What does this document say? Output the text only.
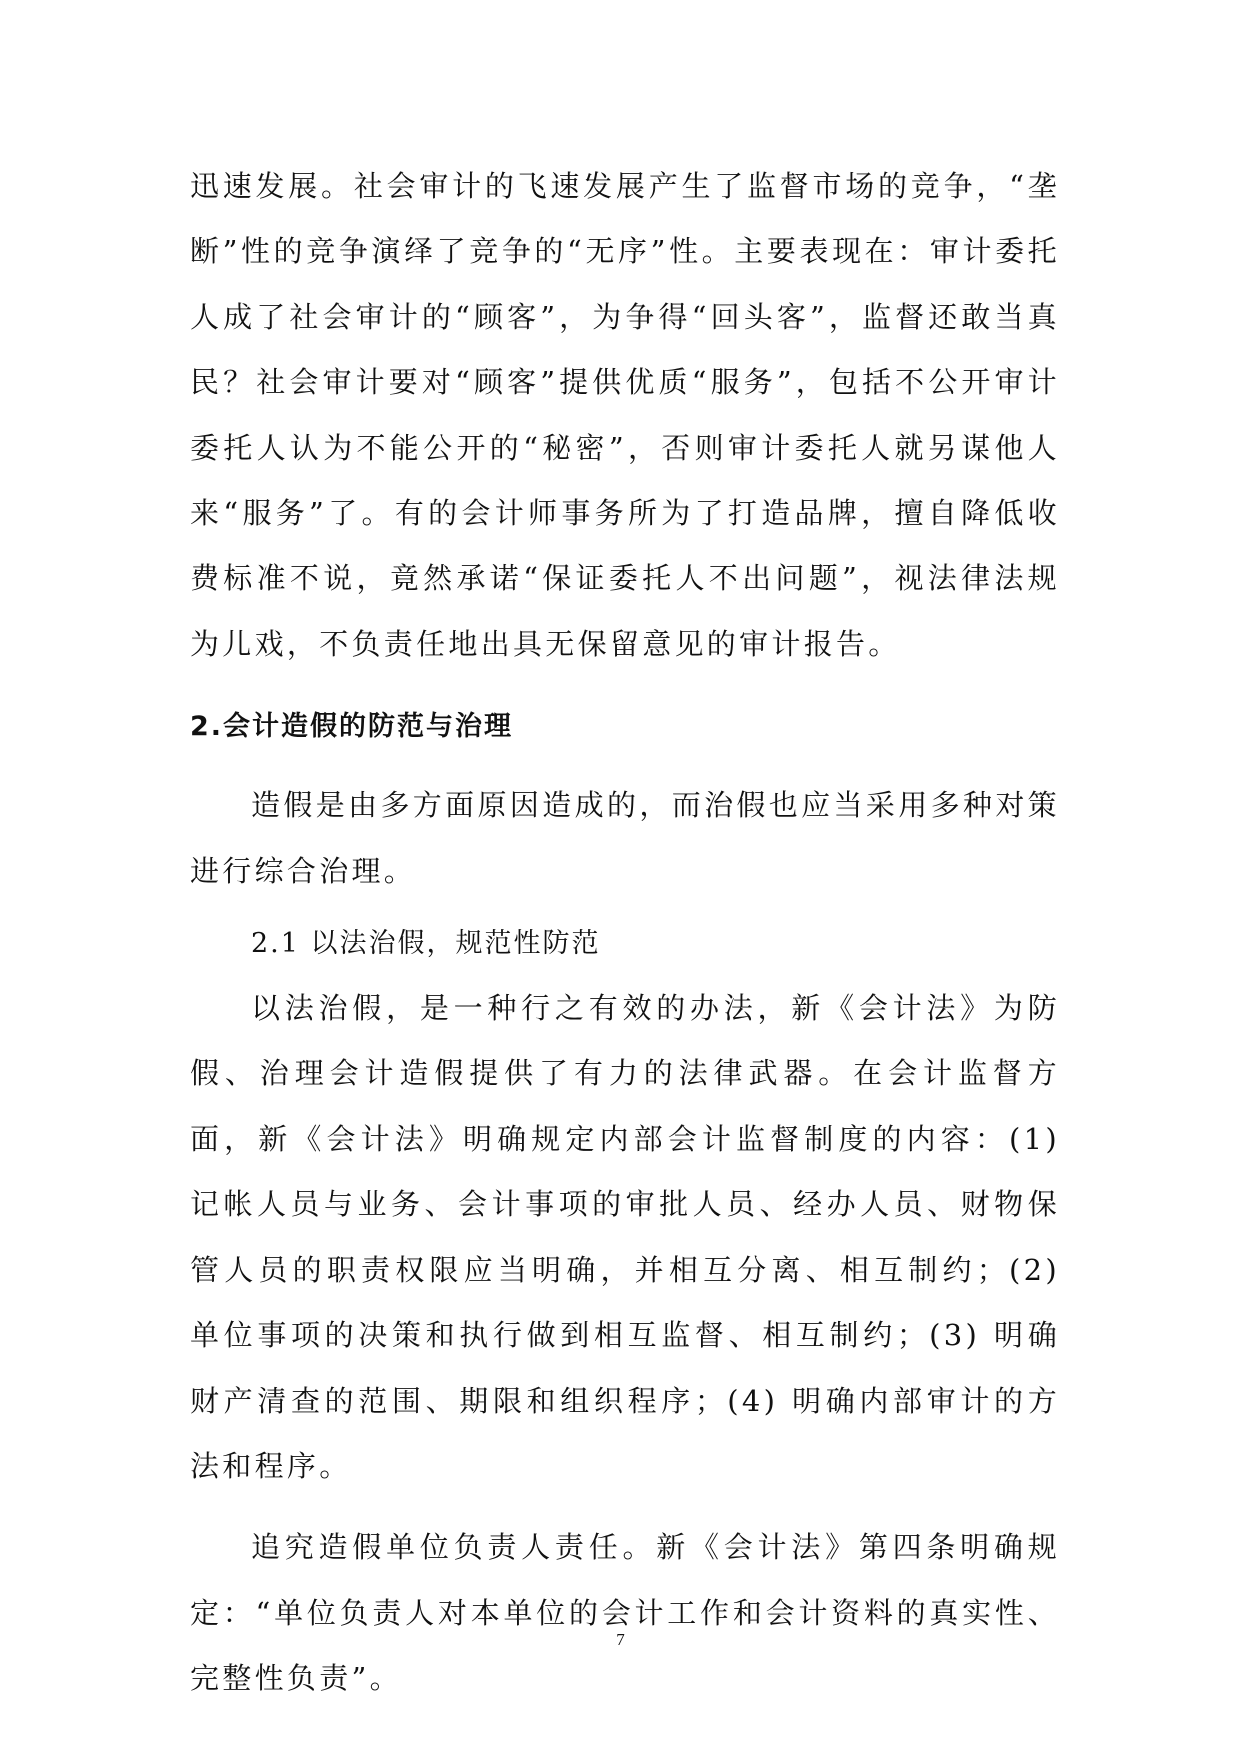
迅速发展。社会审计的飞速发展产生了监督市场的竞争，“垄断”性的竞争演绎了竞争的“无序”性。主要表现在：审计委托人成了社会审计的“顾客”，为争得“回头客”，监督还敢当真民？社会审计要对“顾客”提供优质“服务”，包括不公开审计委托人认为不能公开的“秘密”，否则审计委托人就另谋他人来“服务”了。有的会计师事务所为了打造品牌，擅自降低收费标准不说，竟然承诺“保证委托人不出问题”，视法律法规为儿戏，不负责任地出具无保留意见的审计报告。

2.会计造假的防范与治理

造假是由多方面原因造成的，而治假也应当采用多种对策进行综合治理。

2.1 以法治假，规范性防范

以法治假，是一种行之有效的办法，新《会计法》为防假、治理会计造假提供了有力的法律武器。在会计监督方面，新《会计法》明确规定内部会计监督制度的内容：(1) 记帐人员与业务、会计事项的审批人员、经办人员、财物保管人员的职责权限应当明确，并相互分离、相互制约；(2) 单位事项的决策和执行做到相互监督、相互制约；(3) 明确财产清查的范围、期限和组织程序；(4) 明确内部审计的方法和程序。

追究造假单位负责人责任。新《会计法》第四条明确规定：“单位负责人对本单位的会计工作和会计资料的真实性、完整性负责”。

7
